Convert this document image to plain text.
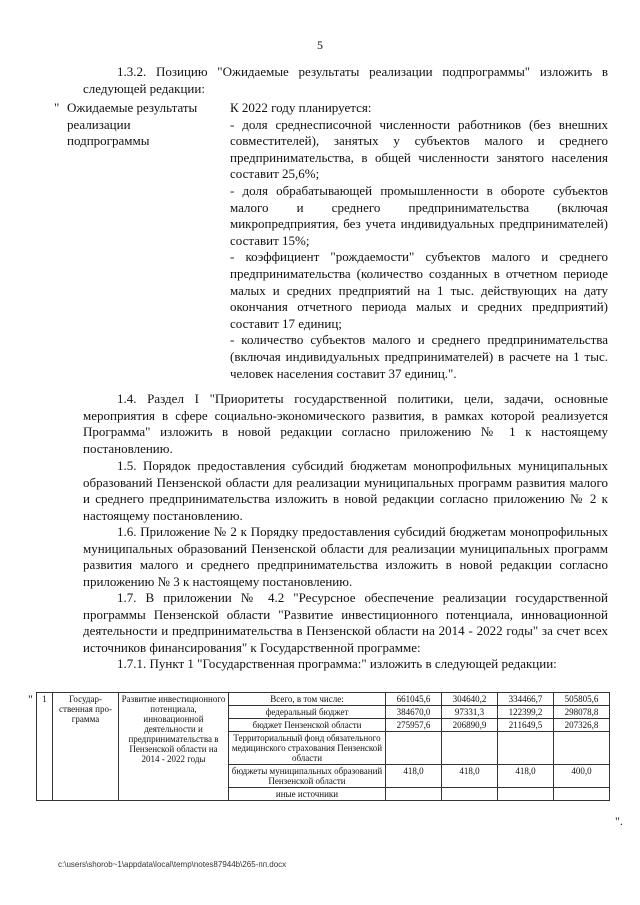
5
1.3.2. Позицию "Ожидаемые результаты реализации подпрограммы" изложить в следующей редакции:
" Ожидаемые результаты реализации подпрограммы

К 2022 году планируется:

- доля среднесписочной численности работников (без внешних совместителей), занятых у субъектов малого и среднего предпринимательства, в общей численности занятого населения составит 25,6%;

- доля обрабатывающей промышленности в обороте субъектов малого и среднего предпринимательства (включая микропредприятия, без учета индивидуальных предпринимателей) составит 15%;

- коэффициент "рождаемости" субъектов малого и среднего предпринимательства (количество созданных в отчетном периоде малых и средних предприятий на 1 тыс. действующих на дату окончания отчетного периода малых и средних предприятий) составит 17 единиц;

- количество субъектов малого и среднего предпринимательства (включая индивидуальных предпринимателей) в расчете на 1 тыс. человек населения составит 37 единиц.".

1.4. Раздел I "Приоритеты государственной политики, цели, задачи, основные мероприятия в сфере социально-экономического развития, в рамках которой реализуется Программа" изложить в новой редакции согласно приложению № 1 к настоящему постановлению.
1.5. Порядок предоставления субсидий бюджетам монопрофильных муниципальных образований Пензенской области для реализации муниципальных программ развития малого и среднего предпринимательства изложить в новой редакции согласно приложению № 2 к настоящему постановлению.
1.6. Приложение № 2 к Порядку предоставления субсидий бюджетам монопрофильных муниципальных образований Пензенской области для реализации муниципальных программ развития малого и среднего предпринимательства изложить в новой редакции согласно приложению № 3 к настоящему постановлению.
1.7. В приложении № 4.2 "Ресурсное обеспечение реализации государственной программы Пензенской области "Развитие инвестиционного потенциала, инновационной деятельности и предпринимательства в Пензенской области на 2014 - 2022 годы" за счет всех источников финансирования" к Государственной программе:
1.7.1. Пункт 1 "Государственная программа:" изложить в следующей редакции:
" 1	Государ-ственная про-грамма	Развитие инвестиционного потенциала, инновационной деятельности и предпринимательства в Пензенской области на 2014 - 2022 годы	Всего, в том числе:	661045,6	304640,2	334466,7	505805,6
			федеральный бюджет	384670,0	97331,3	122399,2	298078,8
			бюджет Пензенской области	275957,6	206890,9	211649,5	207326,8
			Территориальный фонд обязательного медицинского страхования Пензенской области				
			бюджеты муниципальных образований Пензенской области	418,0	418,0	418,0	400,0
			иные источники				
".
c:\users\shorob~1\appdata\local\temp\notes87944b\265-пп.docx
